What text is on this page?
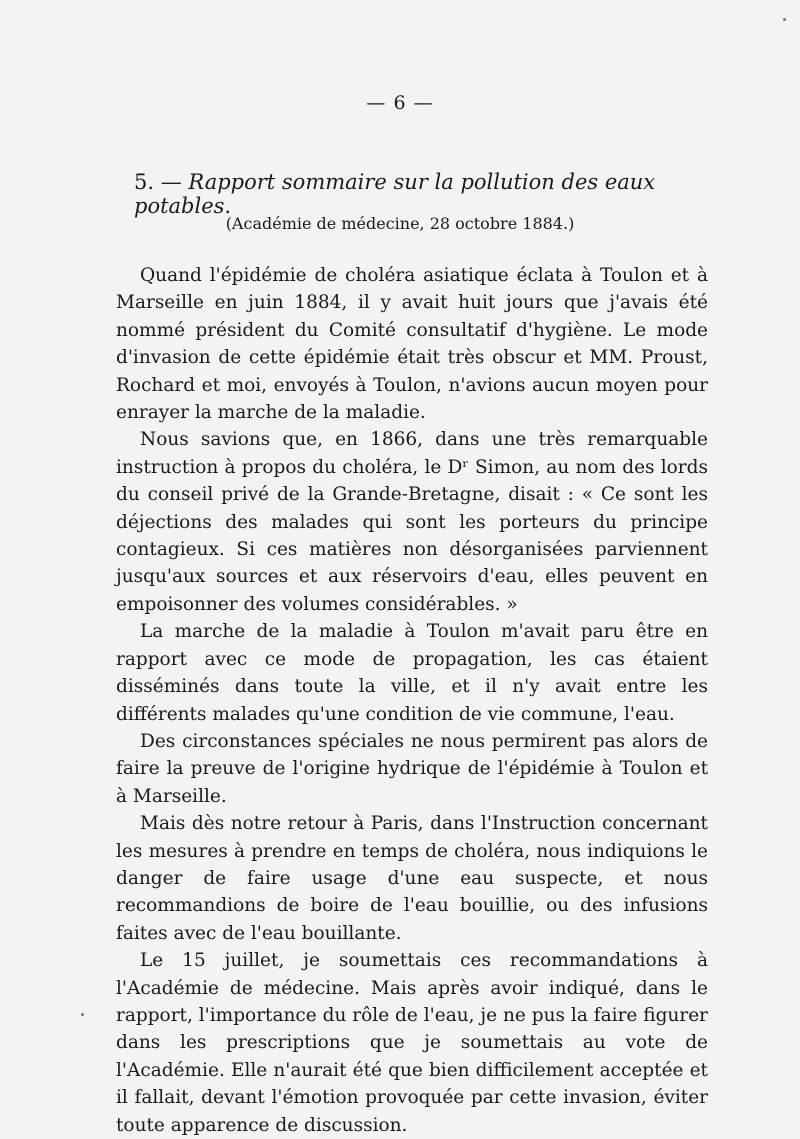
— 6 —
5. — Rapport sommaire sur la pollution des eaux potables.
(Académie de médecine, 28 octobre 1884.)

Quand l'épidémie de choléra asiatique éclata à Toulon et à Marseille en juin 1884, il y avait huit jours que j'avais été nommé président du Comité consultatif d'hygiène. Le mode d'invasion de cette épidémie était très obscur et MM. Proust, Rochard et moi, envoyés à Toulon, n'avions aucun moyen pour enrayer la marche de la maladie.

Nous savions que, en 1866, dans une très remarquable instruction à propos du choléra, le Dʳ Simon, au nom des lords du conseil privé de la Grande-Bretagne, disait : « Ce sont les déjections des malades qui sont les porteurs du principe contagieux. Si ces matières non désorganisées parviennent jusqu'aux sources et aux réservoirs d'eau, elles peuvent en empoisonner des volumes considérables. »

La marche de la maladie à Toulon m'avait paru être en rapport avec ce mode de propagation, les cas étaient disséminés dans toute la ville, et il n'y avait entre les différents malades qu'une condition de vie commune, l'eau.

Des circonstances spéciales ne nous permirent pas alors de faire la preuve de l'origine hydrique de l'épidémie à Toulon et à Marseille.

Mais dès notre retour à Paris, dans l'Instruction concernant les mesures à prendre en temps de choléra, nous indiquions le danger de faire usage d'une eau suspecte, et nous recommandions de boire de l'eau bouillie, ou des infusions faites avec de l'eau bouillante.

Le 15 juillet, je soumettais ces recommandations à l'Académie de médecine. Mais après avoir indiqué, dans le rapport, l'importance du rôle de l'eau, je ne pus la faire figurer dans les prescriptions que je soumettais au vote de l'Académie. Elle n'aurait été que bien difficilement acceptée et il fallait, devant l'émotion provoquée par cette invasion, éviter toute apparence de discussion.
